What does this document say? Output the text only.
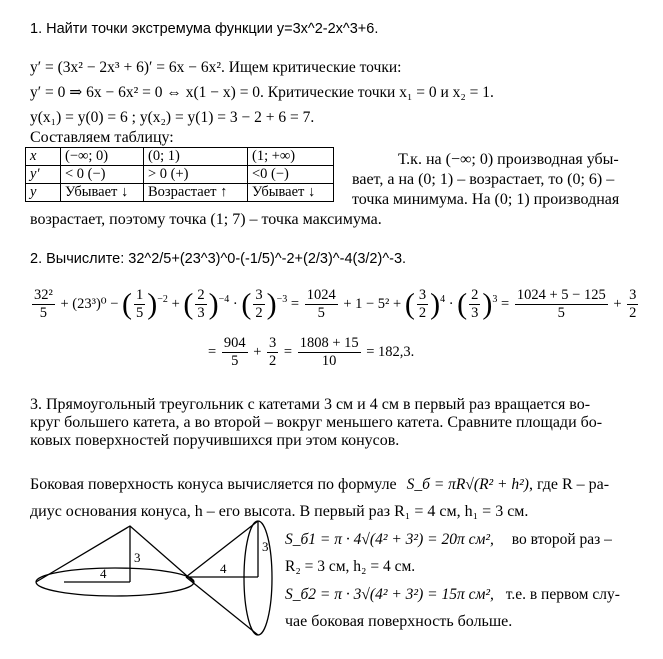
1. Найти точки экстремума функции y=3x^2-2x^3+6.
y′ = (3x² − 2x³ + 6)′ = 6x − 6x². Ищем критические точки:
y′ = 0 ⇒ 6x − 6x² = 0 ⇔ x(1 − x) = 0. Критические точки x₁ = 0 и x₂ = 1.
y(x₁) = y(0) = 6 ; y(x₂) = y(1) = 3 − 2 + 6 = 7.
Составляем таблицу:
x	(−∞; 0)	(0; 1)	(1; +∞)
y′	< 0 (−)	> 0 (+)	<0 (−)
y	Убывает ↓	Возрастает ↑	Убывает ↓
Т.к. на (−∞; 0) производная убы-
вает, а на (0; 1) – возрастает, то (0; 6) –
точка минимума. На (0; 1) производная
возрастает, поэтому точка (1; 7) – точка максимума.
2. Вычислите: 32^2/5+(23^3)^0-(-1/5)^-2+(2/3)^-4(3/2)^-3.
$\frac{\text{32²}}{5} + (23^3)^0$ − ( $\frac{1}{5} )^{-2}$ + ( $\frac{2}{3} )^{-4}$ · ( $\frac{3}{2} )^{-3} = \frac{1024}{5} + 1 - 5^2$ + ( $\frac{3}{2} )^4$ · ( $\frac{2}{3} )^3 = \frac{1024 + 5 - 125}{5} + \frac{3}{2}$
= $\frac{904}{5} + \frac{3}{2} = \frac{1808 + 15}{10} = 182,3$.
3. Прямоугольный треугольник с катетами 3 см и 4 см в первый раз вращается во-
круг большего катета, а во второй – вокруг меньшего катета. Сравните площади бо-
ковых поверхностей поручившихся при этом конусов.
Боковая поверхность конуса вычисляется по формуле S_б = πR√(R² + h²), где R – ра-
диус основания конуса, h – его высота. В первый раз R₁ = 4 см, h₁ = 3 см.
3
4	4
3 S_б1 = π · 4√(4² + 3²) = 20π см², во второй раз –
R₂ = 3 см, h₂ = 4 см.
S_б2 = π · 3√(4² + 3²) = 15π см², т.е. в первом слу-
чае боковая поверхность больше.
